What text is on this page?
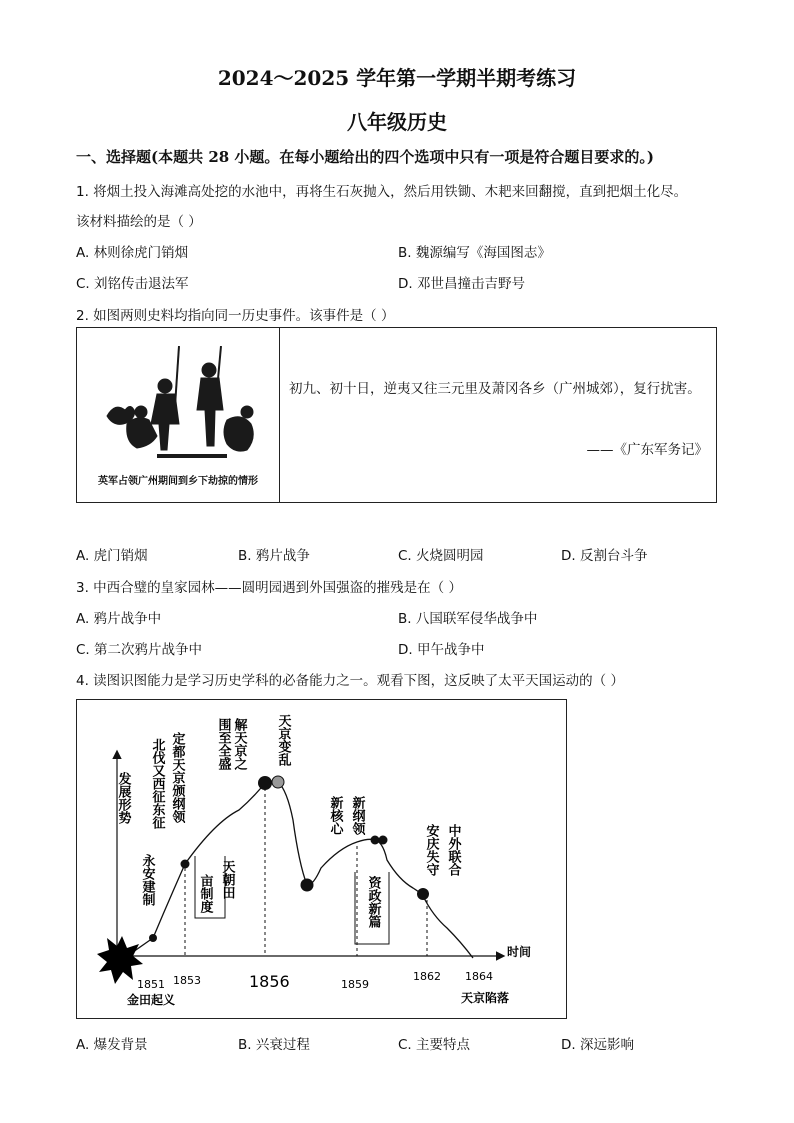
2024～2025 学年第一学期半期考练习
八年级历史
一、选择题(本题共 28 小题。在每小题给出的四个选项中只有一项是符合题目要求的。)
1. 将烟土投入海滩高处挖的水池中，再将生石灰抛入，然后用铁锄、木耙来回翻搅，直到把烟土化尽。
该材料描绘的是（ ）
A. 林则徐虎门销烟	B. 魏源编写《海国图志》
C. 刘铭传击退法军	D. 邓世昌撞击吉野号
2. 如图两则史料均指向同一历史事件。该事件是（ ）
英军占领广州期间到乡下劫掠的情形
初九、初十日，逆夷又往三元里及萧冈各乡（广州城郊），复行扰害。
——《广东军务记》
A. 虎门销烟	B. 鸦片战争	C. 火烧圆明园	D. 反割台斗争
3. 中西合璧的皇家园林——圆明园遇到外国强盗的摧残是在（ ）
A. 鸦片战争中	B. 八国联军侵华战争中
C. 第二次鸦片战争中	D. 甲午战争中
4. 读图识图能力是学习历史学科的必备能力之一。观看下图，这反映了太平天国运动的（ ）
发展形势
永安建制
北伐又西征东征 定都天京颁纲领
亩制度 天朝田
围至全盛 解天京之 天京变乱
新核心 新纲领
资政新篇
安庆失守 中外联合
时间
1851 1853	1856	1859
1862 1864
金田起义	天京陷落
A. 爆发背景	B. 兴衰过程	C. 主要特点	D. 深远影响
